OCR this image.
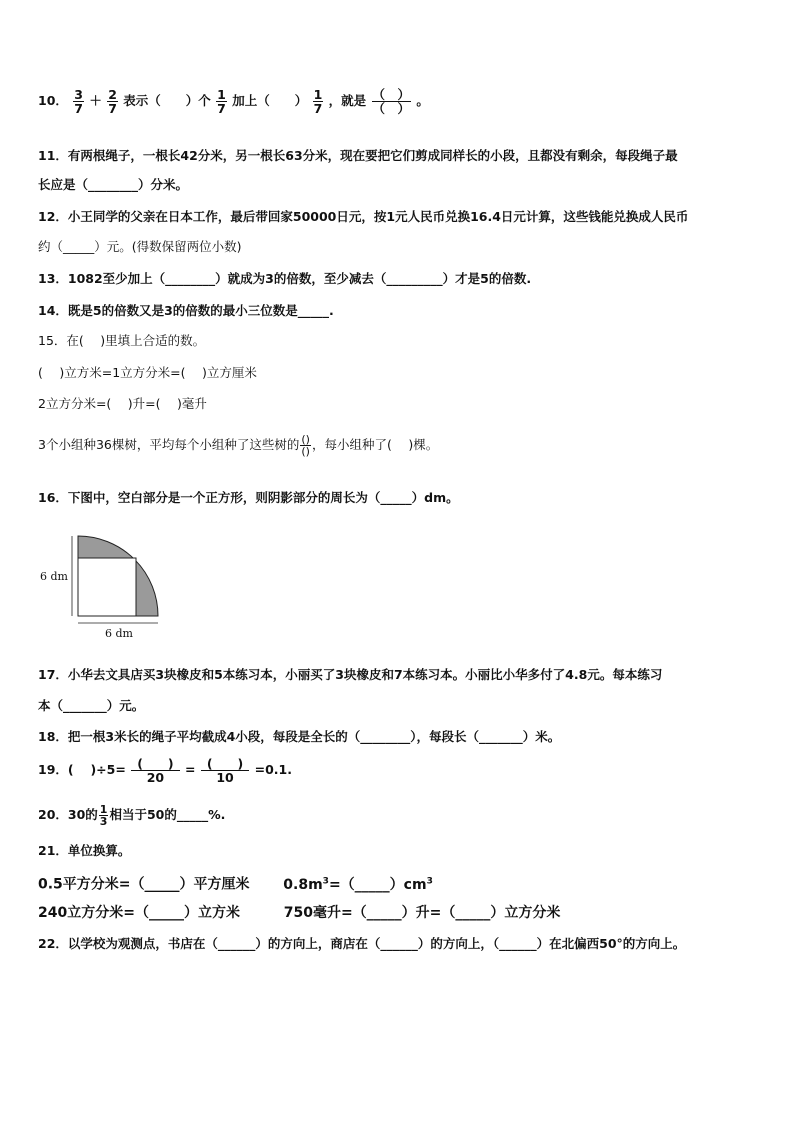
10． $\frac{3}{7} + \frac{2}{7}$ 表示（　　）个 $\frac{1}{7}$ 加上（　　） $\frac{1}{7}$ ，就是 $\frac{( )}{( )}$ 。
11．有两根绳子，一根长42分米，另一根长63分米，现在要把它们剪成同样长的小段，且都没有剩余，每段绳子最
长应是（________）分米。
12．小王同学的父亲在日本工作，最后带回家50000日元，按1元人民币兑换16.4日元计算，这些钱能兑换成人民币
约（_____）元。(得数保留两位小数)
13．1082至少加上（________）就成为3的倍数，至少减去（_________）才是5的倍数.
14．既是5的倍数又是3的倍数的最小三位数是_____.
15．在(　 )里填上合适的数。
(　 )立方米=1立方分米=(　 )立方厘米
2立方分米=(　 )升=(　 )毫升
3个小组种36棵树，平均每个小组种了这些树的 $\frac{()}{()}$ ，每小组种了(　 )棵。
16．下图中，空白部分是一个正方形，则阴影部分的周长为（_____）dm。
6 dm
6 dm
17．小华去文具店买3块橡皮和5本练习本，小丽买了3块橡皮和7本练习本。小丽比小华多付了4.8元。每本练习
本（_______）元。
18．把一根3米长的绳子平均截成4小段，每段是全长的（________），每段长（_______）米。
19．(　 )$\div 5= \frac{( )}{20} = \frac{( )}{10} =0.1$.
20．30的 $\frac{1}{3}$ 相当于50的_____%.
21．单位换算。
0.5平方分米=（_____）平方厘米 $0.8m^3=(\_\_\_\_\_)cm^3$
240立方分米=（_____）立方米	750毫升=（_____）升=（_____）立方分米
22．以学校为观测点，书店在（______）的方向上，商店在（______）的方向上，（______）在北偏西50°的方向上。
